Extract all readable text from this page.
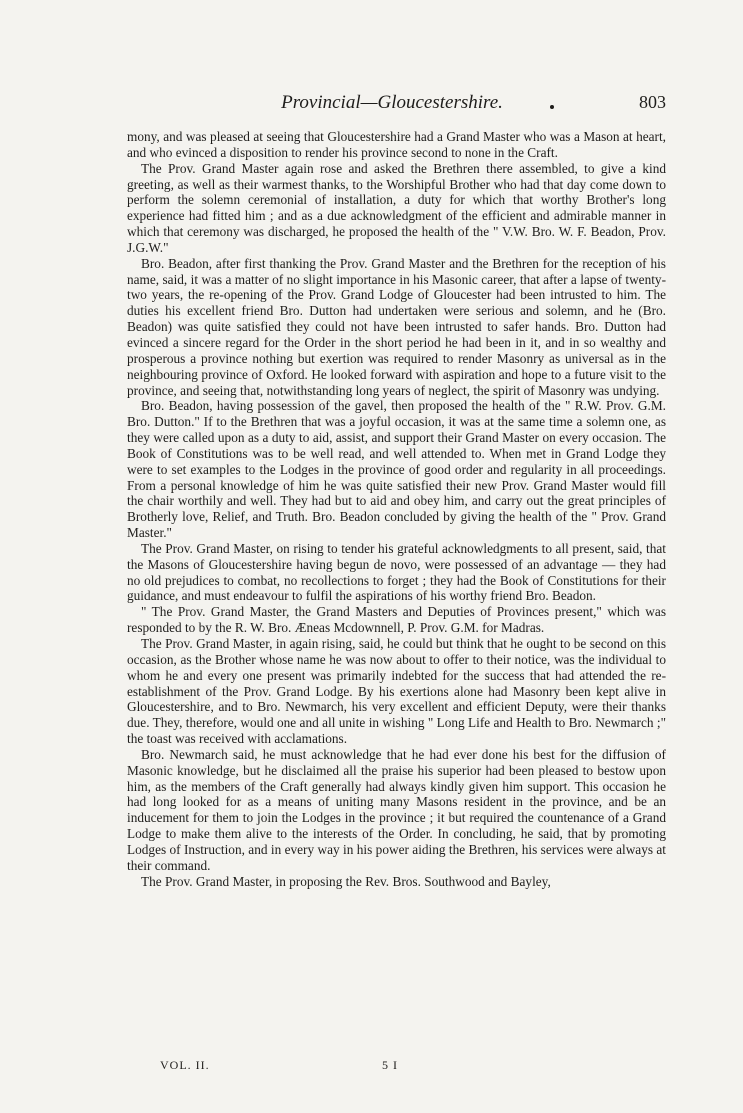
Provincial—Gloucestershire.	803

mony, and was pleased at seeing that Gloucestershire had a Grand Master who was a Mason at heart, and who evinced a disposition to render his province second to none in the Craft.

The Prov. Grand Master again rose and asked the Brethren there assembled, to give a kind greeting, as well as their warmest thanks, to the Worshipful Brother who had that day come down to perform the solemn ceremonial of installation, a duty for which that worthy Brother's long experience had fitted him ; and as a due acknowledgment of the efficient and admirable manner in which that ceremony was discharged, he proposed the health of the " V.W. Bro. W. F. Beadon, Prov. J.G.W."

Bro. Beadon, after first thanking the Prov. Grand Master and the Brethren for the reception of his name, said, it was a matter of no slight importance in his Masonic career, that after a lapse of twenty-two years, the re-opening of the Prov. Grand Lodge of Gloucester had been intrusted to him. The duties his excellent friend Bro. Dutton had undertaken were serious and solemn, and he (Bro. Beadon) was quite satisfied they could not have been intrusted to safer hands. Bro. Dutton had evinced a sincere regard for the Order in the short period he had been in it, and in so wealthy and prosperous a province nothing but exertion was required to render Masonry as universal as in the neighbouring province of Oxford. He looked forward with aspiration and hope to a future visit to the province, and seeing that, notwithstanding long years of neglect, the spirit of Masonry was undying.

Bro. Beadon, having possession of the gavel, then proposed the health of the " R.W. Prov. G.M. Bro. Dutton." If to the Brethren that was a joyful occasion, it was at the same time a solemn one, as they were called upon as a duty to aid, assist, and support their Grand Master on every occasion. The Book of Constitutions was to be well read, and well attended to. When met in Grand Lodge they were to set examples to the Lodges in the province of good order and regularity in all proceedings. From a personal knowledge of him he was quite satisfied their new Prov. Grand Master would fill the chair worthily and well. They had but to aid and obey him, and carry out the great principles of Brotherly love, Relief, and Truth. Bro. Beadon concluded by giving the health of the " Prov. Grand Master."

The Prov. Grand Master, on rising to tender his grateful acknowledgments to all present, said, that the Masons of Gloucestershire having begun de novo, were possessed of an advantage — they had no old prejudices to combat, no recollections to forget ; they had the Book of Constitutions for their guidance, and must endeavour to fulfil the aspirations of his worthy friend Bro. Beadon.

" The Prov. Grand Master, the Grand Masters and Deputies of Provinces present," which was responded to by the R. W. Bro. Æneas Mcdownnell, P. Prov. G.M. for Madras.

The Prov. Grand Master, in again rising, said, he could but think that he ought to be second on this occasion, as the Brother whose name he was now about to offer to their notice, was the individual to whom he and every one present was primarily indebted for the success that had attended the re-establishment of the Prov. Grand Lodge. By his exertions alone had Masonry been kept alive in Gloucestershire, and to Bro. Newmarch, his very excellent and efficient Deputy, were their thanks due. They, therefore, would one and all unite in wishing " Long Life and Health to Bro. Newmarch ;" the toast was received with acclamations.

Bro. Newmarch said, he must acknowledge that he had ever done his best for the diffusion of Masonic knowledge, but he disclaimed all the praise his superior had been pleased to bestow upon him, as the members of the Craft generally had always kindly given him support. This occasion he had long looked for as a means of uniting many Masons resident in the province, and be an inducement for them to join the Lodges in the province ; it but required the countenance of a Grand Lodge to make them alive to the interests of the Order. In concluding, he said, that by promoting Lodges of Instruction, and in every way in his power aiding the Brethren, his services were always at their command.

The Prov. Grand Master, in proposing the Rev. Bros. Southwood and Bayley,

VOL. II.	5 I
